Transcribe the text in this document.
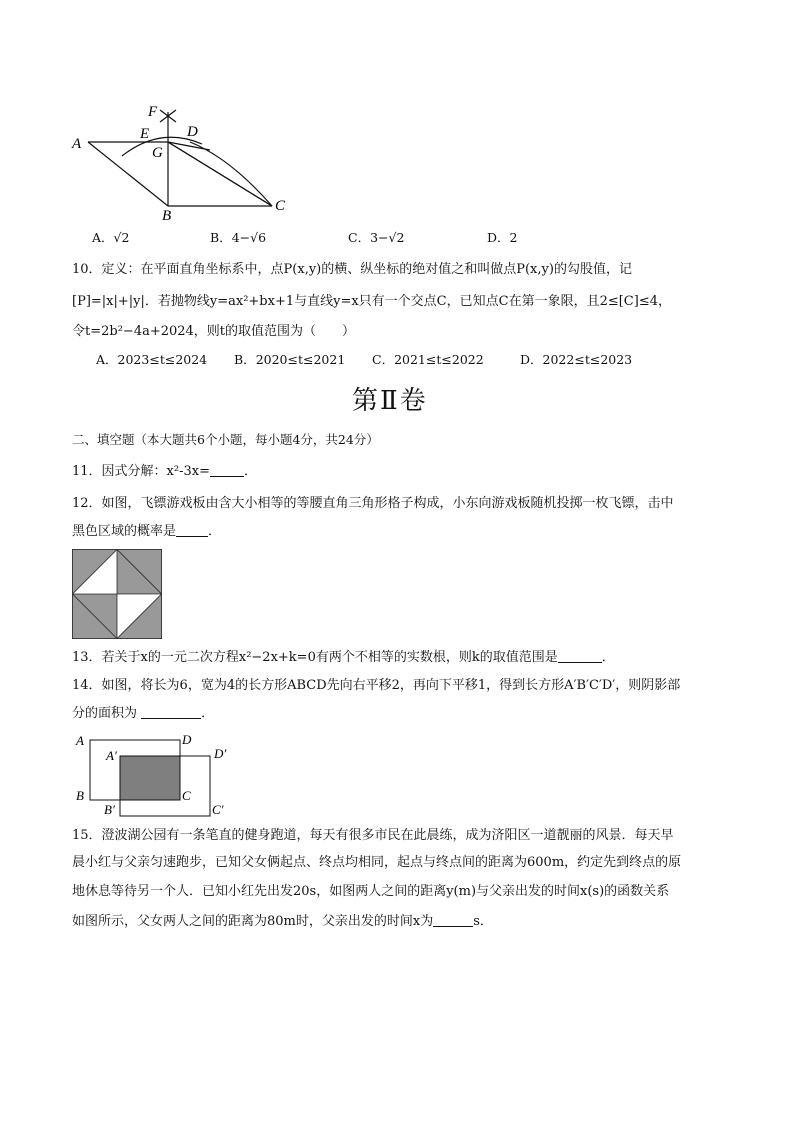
F
E	D
G
A
B
C
A．√2	B．4−√6	C．3−√2	D．2
10．定义：在平面直角坐标系中，点P(x,y)的横、纵坐标的绝对值之和叫做点P(x,y)的勾股值，记
[P]=|x|+|y|．若抛物线y=ax²+bx+1与直线y=x只有一个交点C，已知点C在第一象限，且2≤[C]≤4，
令t=2b²−4a+2024，则t的取值范围为（　　）
A．2023≤t≤2024 B．2020≤t≤2021 C．2021≤t≤2022	D．2022≤t≤2023
第Ⅱ卷
二、填空题（本大题共6个小题，每小题4分，共24分）
11．因式分解：x²-3x=	．
12．如图，飞镖游戏板由含大小相等的等腰直角三角形格子构成，小东向游戏板随机投掷一枚飞镖，击中
黑色区域的概率是 ．
13．若关于x的一元二次方程x²−2x+k=0有两个不相等的实数根，则k的取值范围是	．
14．如图，将长为6，宽为4的长方形ABCD先向右平移2，再向下平移1，得到长方形A′B′C′D′，则阴影部
分的面积为	．
A	D
A′	D′
B	C
B′	C′
15．澄波湖公园有一条笔直的健身跑道，每天有很多市民在此晨练，成为济阳区一道靓丽的风景．每天早
晨小红与父亲匀速跑步，已知父女俩起点、终点均相同，起点与终点间的距离为600m，约定先到终点的原
地休息等待另一个人．已知小红先出发20s，如图两人之间的距离y(m)与父亲出发的时间x(s)的函数关系
如图所示，父女两人之间的距离为80m时，父亲出发的时间x为	s．
